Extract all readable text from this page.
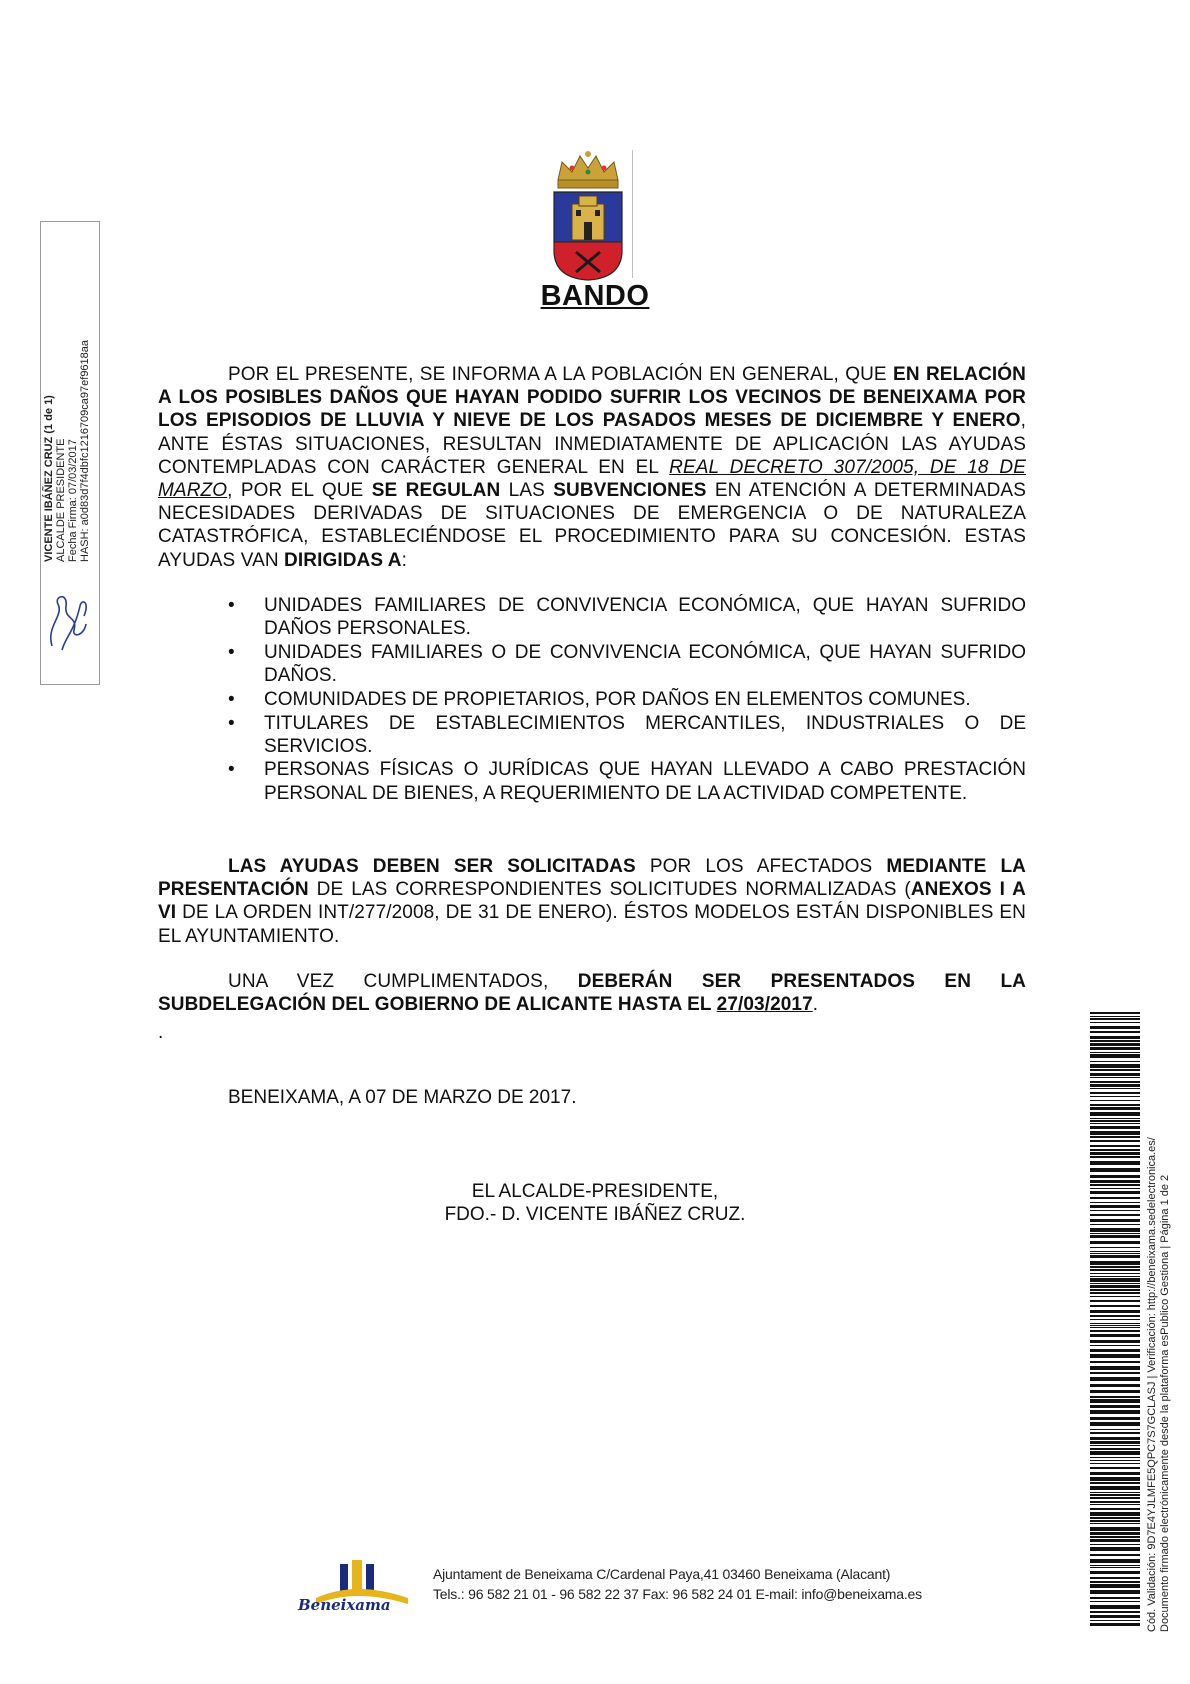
BANDO
POR EL PRESENTE, SE INFORMA A LA POBLACIÓN EN GENERAL, QUE EN RELACIÓN A LOS POSIBLES DAÑOS QUE HAYAN PODIDO SUFRIR LOS VECINOS DE BENEIXAMA POR LOS EPISODIOS DE LLUVIA Y NIEVE DE LOS PASADOS MESES DE DICIEMBRE Y ENERO, ANTE ÉSTAS SITUACIONES, RESULTAN INMEDIATAMENTE DE APLICACIÓN LAS AYUDAS CONTEMPLADAS CON CARÁCTER GENERAL EN EL REAL DECRETO 307/2005, DE 18 DE MARZO, POR EL QUE SE REGULAN LAS SUBVENCIONES EN ATENCIÓN A DETERMINADAS NECESIDADES DERIVADAS DE SITUACIONES DE EMERGENCIA O DE NATURALEZA CATASTRÓFICA, ESTABLECIÉNDOSE EL PROCEDIMIENTO PARA SU CONCESIÓN. ESTAS AYUDAS VAN DIRIGIDAS A:
• UNIDADES FAMILIARES DE CONVIVENCIA ECONÓMICA, QUE HAYAN SUFRIDO DAÑOS PERSONALES.
• UNIDADES FAMILIARES O DE CONVIVENCIA ECONÓMICA, QUE HAYAN SUFRIDO DAÑOS.
• COMUNIDADES DE PROPIETARIOS, POR DAÑOS EN ELEMENTOS COMUNES.
• TITULARES DE ESTABLECIMIENTOS MERCANTILES, INDUSTRIALES O DE SERVICIOS.
• PERSONAS FÍSICAS O JURÍDICAS QUE HAYAN LLEVADO A CABO PRESTACIÓN PERSONAL DE BIENES, A REQUERIMIENTO DE LA ACTIVIDAD COMPETENTE.
LAS AYUDAS DEBEN SER SOLICITADAS POR LOS AFECTADOS MEDIANTE LA PRESENTACIÓN DE LAS CORRESPONDIENTES SOLICITUDES NORMALIZADAS (ANEXOS I A VI DE LA ORDEN INT/277/2008, DE 31 DE ENERO). ÉSTOS MODELOS ESTÁN DISPONIBLES EN EL AYUNTAMIENTO.
UNA VEZ CUMPLIMENTADOS, DEBERÁN SER PRESENTADOS EN LA SUBDELEGACIÓN DEL GOBIERNO DE ALICANTE HASTA EL 27/03/2017.
.
BENEIXAMA, A 07 DE MARZO DE 2017.
EL ALCALDE-PRESIDENTE,
FDO.- D. VICENTE IBÁÑEZ CRUZ.
VICENTE IBÁÑEZ CRUZ (1 de 1) ALCALDE PRESIDENTE Fecha Firma: 07/03/2017 HASH: a0d83d7f4dbfc1216709ca97ef9618aa
Cód. Validación: 9D7E4YJLMFE5QPC7S7GCLASJ | Verificación: http://beneixama.sedelectronica.es/ Documento firmado electrónicamente desde la plataforma esPublico Gestiona | Página 1 de 2
Beneixama
Ajuntament de Beneixama C/Cardenal Paya,41 03460 Beneixama (Alacant)
Tels.: 96 582 21 01 - 96 582 22 37 Fax: 96 582 24 01 E-mail: info@beneixama.es
